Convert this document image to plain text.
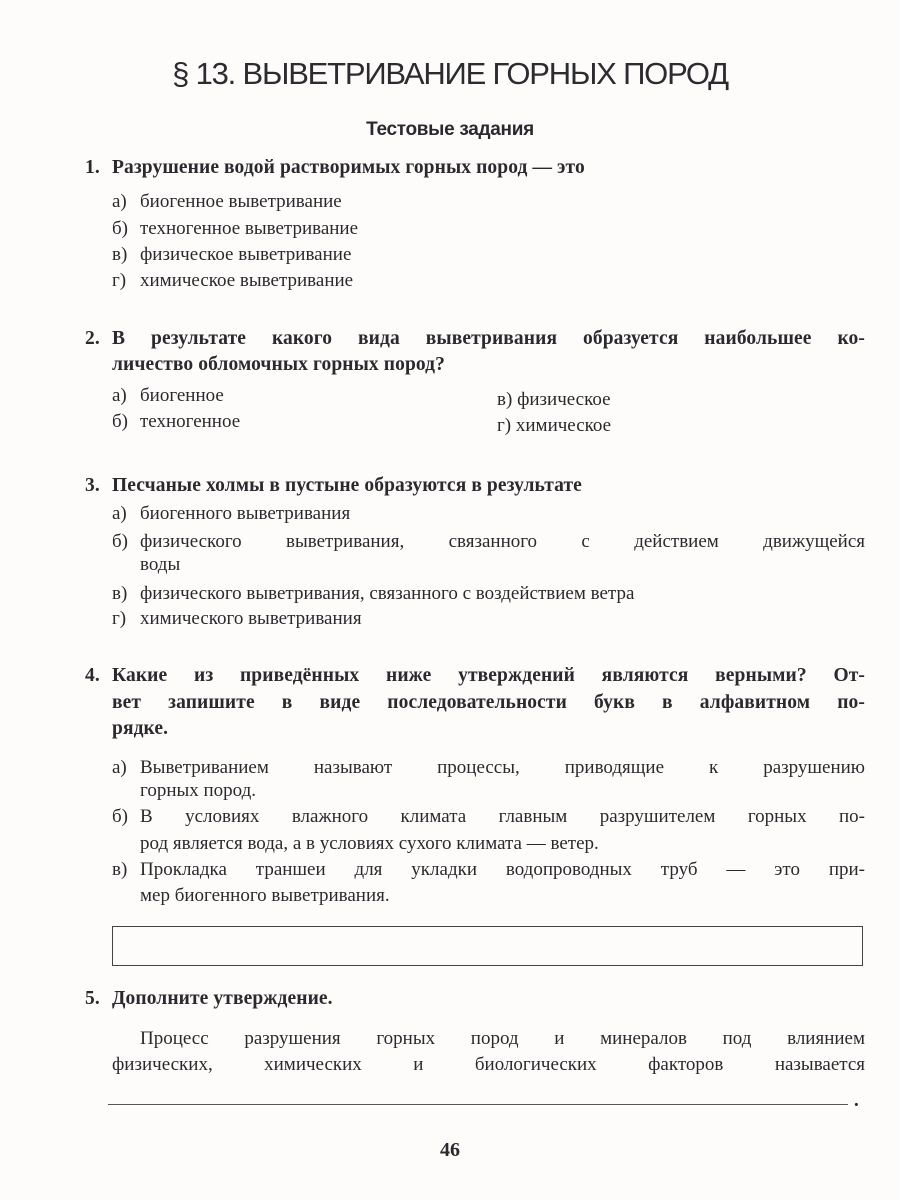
§ 13. ВЫВЕТРИВАНИЕ ГОРНЫХ ПОРОД
Тестовые задания
1. Разрушение водой растворимых горных пород — это
а) биогенное выветривание
б) техногенное выветривание
в) физическое выветривание
г) химическое выветривание
2. В результате какого вида выветривания образуется наибольшее ко-
личество обломочных горных пород?
а) биогенное
б) техногенное
в) физическое
г) химическое
3. Песчаные холмы в пустыне образуются в результате
а) биогенного выветривания
б) физического выветривания, связанного с действием движущейся
воды
в) физического выветривания, связанного с воздействием ветра
г) химического выветривания
4. Какие из приведённых ниже утверждений являются верными? От-
вет запишите в виде последовательности букв в алфавитном по-
рядке.
а) Выветриванием называют процессы, приводящие к разрушению
горных пород.
б) В условиях влажного климата главным разрушителем горных по-
род является вода, а в условиях сухого климата — ветер.
в) Прокладка траншеи для укладки водопроводных труб — это при-
мер биогенного выветривания.
5. Дополните утверждение.
Процесс разрушения горных пород и минералов под влиянием
физических, химических и биологических факторов называется
.
46
